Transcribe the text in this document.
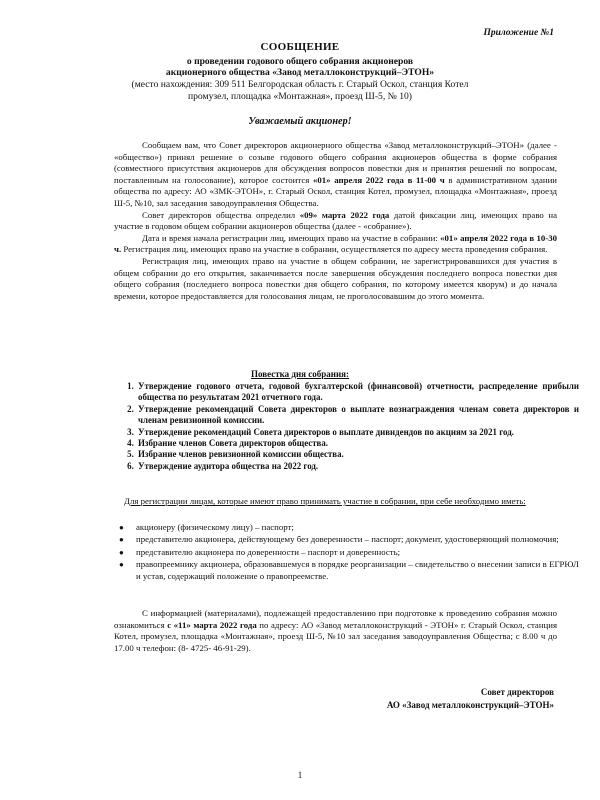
Приложение №1
СООБЩЕНИЕ
о проведении годового общего собрания акционеров
акционерного общества «Завод металлоконструкций–ЭТОН»
(место нахождения: 309 511 Белгородская область г. Старый Оскол, станция Котел
промузел, площадка «Монтажная», проезд Ш-5, № 10)
Уважаемый акционер!

Сообщаем вам, что Совет директоров акционерного общества «Завод металлоконструкций–ЭТОН» (далее - «общество») принял решение о созыве годового общего собрания акционеров общества в форме собрания (совместного присутствия акционеров для обсуждения вопросов повестки дня и принятия решений по вопросам, поставленным на голосование), которое состоится «01» апреля 2022 года в 11-00 ч в административном здании общества по адресу: АО «ЗМК-ЭТОН», г. Старый Оскол, станция Котел, промузел, площадка «Монтажная», проезд Ш-5, №10, зал заседания заводоуправления Общества.

Совет директоров общества определил «09» марта 2022 года датой фиксации лиц, имеющих право на участие в годовом общем собрании акционеров общества (далее - «собрание»).

Дата и время начала регистрации лиц, имеющих право на участие в собрании: «01» апреля 2022 года в 10-30 ч. Регистрация лиц, имеющих право на участие в собрании, осуществляется по адресу места проведения собрания.

Регистрация лиц, имеющих право на участие в общем собрании, не зарегистрировавшихся для участия в общем собрании до его открытия, заканчивается после завершения обсуждения последнего вопроса повестки дня общего собрания (последнего вопроса повестки дня общего собрания, по которому имеется кворум) и до начала времени, которое предоставляется для голосования лицам, не проголосовавшим до этого момента.

Повестка дня собрания:
1. Утверждение годового отчета, годовой бухгалтерской (финансовой) отчетности, распределение прибыли общества по результатам 2021 отчетного года.
2. Утверждение рекомендаций Совета директоров о выплате вознаграждения членам совета директоров и членам ревизионной комиссии.
3. Утверждение рекомендаций Совета директоров о выплате дивидендов по акциям за 2021 год.
4. Избрание членов Совета директоров общества.
5. Избрание членов ревизионной комиссии общества.
6. Утверждение аудитора общества на 2022 год.
Для регистрации лицам, которые имеют право принимать участие в собрании, при себе необходимо иметь:
● акционеру (физическому лицу) – паспорт;
● представителю акционера, действующему без доверенности – паспорт; документ, удостоверяющий полномочия;
● представителю акционера по доверенности – паспорт и доверенность;
● правопреемнику акционера, образовавшемуся в порядке реорганизации – свидетельство о внесении записи в ЕГРЮЛ и устав, содержащий положение о правопреемстве.

С информацией (материалами), подлежащей предоставлению при подготовке к проведению собрания можно ознакомиться с «11» марта 2022 года по адресу: АО «Завод металлоконструкций - ЭТОН» г. Старый Оскол, станция Котел, промузел, площадка «Монтажная», проезд Ш-5, №10 зал заседания заводоуправления Общества; с 8.00 ч до 17.00 ч телефон: (8- 4725- 46-91-29).

Совет директоров
АО «Завод металлоконструкций–ЭТОН»
1
